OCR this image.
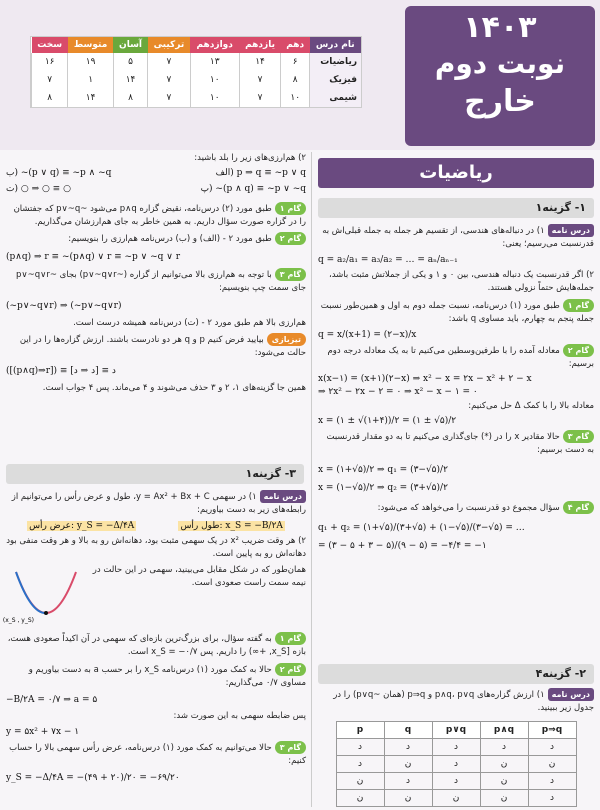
۱۴۰۳
نوبت دوم
خارج
نام درس	دهم	یازدهم	دوازدهم	ترکیبی	آسان	متوسط	سخت
ریاضیات	۶	۱۴	۱۳	۷	۵	۱۹	۱۶
فیزیک	۸	۷	۱۰	۷	۱۴	۱	۷
شیمی	۱۰	۷	۱۰	۷	۸	۱۴	۸
ریاضیات
۱- گزینه۱
درس نامه۱) در دنباله‌های هندسی، از تقسیم هر جمله به جمله قبلی‌اش به قدرنسبت می‌رسیم؛ یعنی:
q = a₂/a₁ = a₃/a₂ = … = aₙ/aₙ₋₁
۲) اگر قدرنسبت یک دنباله هندسی، بین ۰ و ۱ و یکی از جملاتش مثبت باشد، جمله‌هایش حتماً نزولی هستند.
گام ۱طبق مورد (۱) درس‌نامه، نسبت جمله دوم به اول و همین‌طور نسبت جمله پنجم به چهارم، باید مساوی q باشد:
q = x/(x+1) = (۲−x)/x
گام ۲معادله آمده را با طرفین‌وسطین می‌کنیم تا به یک معادله درجه دوم برسیم:
x(x−۱) = (x+۱)(۲−x) ⇒ x² − x = ۲x − x² + ۲ − x
⇒ ۲x² − ۲x − ۲ = ۰ ⇒ x² − x − ۱ = ۰
معادله بالا را با کمک Δ حل می‌کنیم:
x = (۱ ± √(۱+۴))/۲ = (۱ ± √۵)/۲
گام ۳حالا مقادیر x را در (*) جای‌گذاری می‌کنیم تا به دو مقدار قدرنسبت به دست برسیم:
x = (۱+√۵)/۲ ⇒ q₁ = (۳−√۵)/۲
x = (۱−√۵)/۲ ⇒ q₂ = (۳+√۵)/۲
گام ۴سؤال مجموع دو قدرنسبت را می‌خواهد که می‌شود:
q₁ + q₂ = (۱+√۵)/(۳+√۵) + (۱−√۵)/(۳−√۵) = …
= (۳ − ۵ + ۳ − ۵)/(۹ − ۵) = −۴/۴ = −۱
۲- گزینه۴
درس نامه۱) ارزش گزاره‌های p∧q، p∨q و p⇒q (همان ~p∨q) را در جدول زیر ببینید.
p	q	p∨q	p∧q	p⇒q
د	د	د	د	د
د	ن	د	ن	ن
ن	د	د	ن	د
ن	ن	ن	ن	د
۲) هم‌ارزی‌های زیر را بلد باشید:
الف) p ⇒ q ≡ ~p ∨ q
ب) ~(p ∨ q) ≡ ~p ∧ ~q
پ) ~(p ∧ q) ≡ ~p ∨ ~q
ت) ○ ⇒ ○ ≡ ○
گام ۱طبق مورد (۲) درس‌نامه، نقیض گزاره p∧q می‌شود ~p∨~q که جفتشان را در گزاره صورت سؤال داریم. به همین خاطر به جای هم‌ارزشان می‌گذاریم.
گام ۲طبق مورد ۲ - (الف) و (ب) درس‌نامه هم‌ارزی را بنویسیم:
(p∧q) ⇒ r ≡ ~(p∧q) ∨ r ≡ ~p ∨ ~q ∨ r
گام ۳با توجه به هم‌ارزی بالا می‌توانیم از گزاره (~p∨~q∨r) بجای ~p∨~q∨r جای سمت چپ بنویسیم:
(~p∨~q∨r) ⇒ (~p∨~q∨r)
هم‌ارزی بالا هم طبق مورد ۲ - (ت) درس‌نامه همیشه درست است.
تیزبازیبیایید فرض کنیم p و q هر دو نادرست باشند. ارزش گزاره‌ها را در این حالت می‌شود:
([(p∧q)⇒r]) ≡ [د ⇒ د] ≡ د
همین جا گزینه‌های ۱، ۲ و ۳ حذف می‌شوند و ۴ می‌ماند. پس ۴ جواب است.
۳- گزینه۱
درس نامه۱) در سهمی y = Ax² + Bx + C، طول و عرض رأس را می‌توانیم از رابطه‌های زیر به دست بیاوریم:
عرض رأس: y_S = −Δ/۴A	طول رأس: x_S = −B/۲A
۲) هر وقت ضریب x² در یک سهمی مثبت بود، دهانه‌اش رو به بالا و هر وقت منفی بود دهانه‌اش رو به پایین است.
همان‌طور که در شکل مقابل می‌بینید، سهمی در این حالت در نیمه سمت راست صعودی است.
(x_S , y_S)
گام ۱به گفته سؤال، برای بزرگ‌ترین بازه‌ای که سهمی در آن اکیداً صعودی هست، بازه [x_S, +∞) را داریم. پس x_S = −۰/۷ است.
گام ۲حالا به کمک مورد (۱) درس‌نامه x_S را بر حسب a به دست بیاوریم و مساوی ۰/۷ می‌گذاریم:
−B/۲A = ۰/۷ ⇒ a = ۵
پس ضابطه سهمی به این صورت شد:
y = ۵x² + ۷x − ۱
گام ۳حالا می‌توانیم به کمک مورد (۱) درس‌نامه، عرض رأس سهمی بالا را حساب کنیم:
y_S = −Δ/۴A = −(۴۹ + ۲۰)/۲۰ = −۶۹/۲۰
